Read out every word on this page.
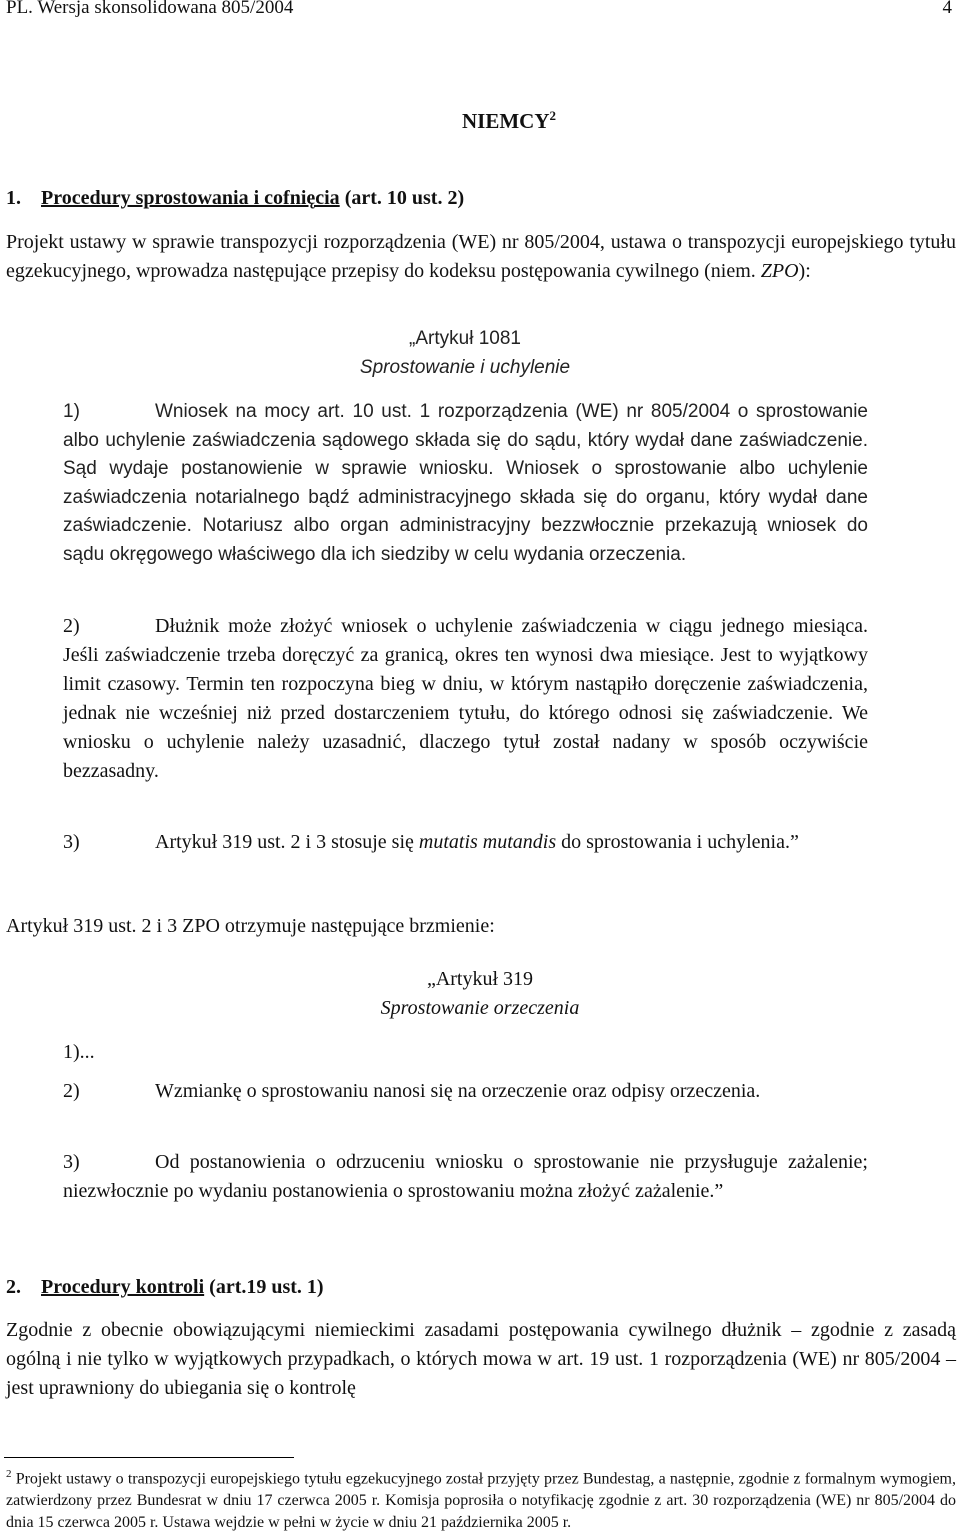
PL. Wersja skonsolidowana 805/2004	4
NIEMCY$^2$
1. Procedury sprostowania i cofnięcia (art. 10 ust. 2)
Projekt ustawy w sprawie transpozycji rozporządzenia (WE) nr 805/2004, ustawa o transpozycji europejskiego tytułu egzekucyjnego, wprowadza następujące przepisy do kodeksu postępowania cywilnego (niem. ZPO):
„Artykuł 1081
Sprostowanie i uchylenie
1)	Wniosek na mocy art. 10 ust. 1 rozporządzenia (WE) nr 805/2004 o sprostowanie albo uchylenie zaświadczenia sądowego składa się do sądu, który wydał dane zaświadczenie. Sąd wydaje postanowienie w sprawie wniosku. Wniosek o sprostowanie albo uchylenie zaświadczenia notarialnego bądź administracyjnego składa się do organu, który wydał dane zaświadczenie. Notariusz albo organ administracyjny bezzwłocznie przekazują wniosek do sądu okręgowego właściwego dla ich siedziby w celu wydania orzeczenia.
2)	Dłużnik może złożyć wniosek o uchylenie zaświadczenia w ciągu jednego miesiąca. Jeśli zaświadczenie trzeba doręczyć za granicą, okres ten wynosi dwa miesiące. Jest to wyjątkowy limit czasowy. Termin ten rozpoczyna bieg w dniu, w którym nastąpiło doręczenie zaświadczenia, jednak nie wcześniej niż przed dostarczeniem tytułu, do którego odnosi się zaświadczenie. We wniosku o uchylenie należy uzasadnić, dlaczego tytuł został nadany w sposób oczywiście bezzasadny.
3)	Artykuł 319 ust. 2 i 3 stosuje się mutatis mutandis do sprostowania i uchylenia.”
Artykuł 319 ust. 2 i 3 ZPO otrzymuje następujące brzmienie:
„Artykuł 319
Sprostowanie orzeczenia
1)...
2)	Wzmiankę o sprostowaniu nanosi się na orzeczenie oraz odpisy orzeczenia.
3)	Od postanowienia o odrzuceniu wniosku o sprostowanie nie przysługuje zażalenie; niezwłocznie po wydaniu postanowienia o sprostowaniu można złożyć zażalenie.”
2. Procedury kontroli (art.19 ust. 1)
Zgodnie z obecnie obowiązującymi niemieckimi zasadami postępowania cywilnego dłużnik – zgodnie z zasadą ogólną i nie tylko w wyjątkowych przypadkach, o których mowa w art. 19 ust. 1 rozporządzenia (WE) nr 805/2004 – jest uprawniony do ubiegania się o kontrolę
$^2$ Projekt ustawy o transpozycji europejskiego tytułu egzekucyjnego został przyjęty przez Bundestag, a następnie, zgodnie z formalnym wymogiem, zatwierdzony przez Bundesrat w dniu 17 czerwca 2005 r. Komisja poprosiła o notyfikację zgodnie z art. 30 rozporządzenia (WE) nr 805/2004 do dnia 15 czerwca 2005 r. Ustawa wejdzie w pełni w życie w dniu 21 października 2005 r.
